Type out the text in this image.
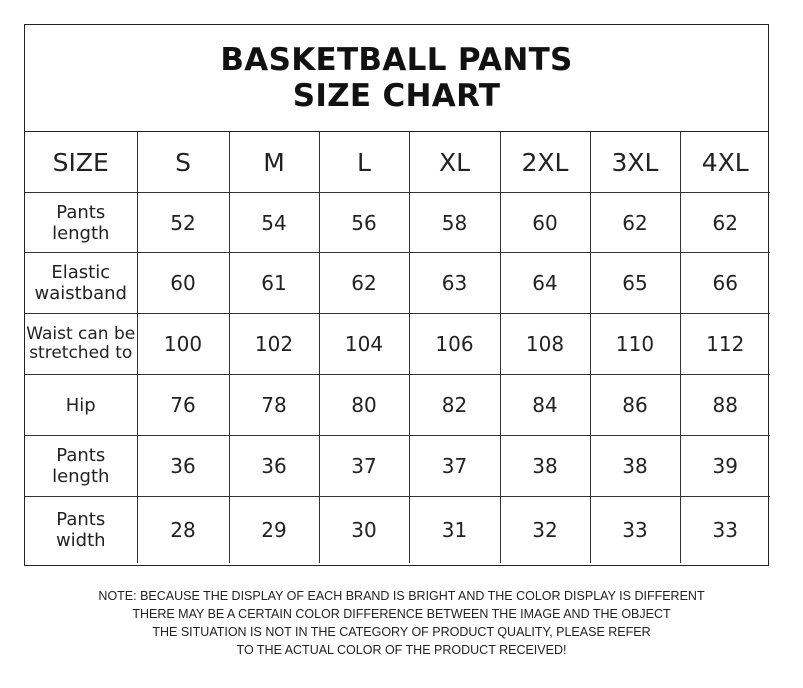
BASKETBALL PANTS
SIZE CHART
SIZE	S	M	L	XL	2XL	3XL	4XL

Pants
length	52	54	56	58	60	62	62

Elastic
waistband	60	61	62	63	64	65	66

Waist can be
stretched to	100	102	104	106	108	110	112

Hip	76	78	80	82	84	86	88

Pants
length	36	36	37	37	38	38	39

Pants
width	28	29	30	31	32	33	33
NOTE: BECAUSE THE DISPLAY OF EACH BRAND IS BRIGHT AND THE COLOR DISPLAY IS DIFFERENT
THERE MAY BE A CERTAIN COLOR DIFFERENCE BETWEEN THE IMAGE AND THE OBJECT
THE SITUATION IS NOT IN THE CATEGORY OF PRODUCT QUALITY, PLEASE REFER
TO THE ACTUAL COLOR OF THE PRODUCT RECEIVED!
